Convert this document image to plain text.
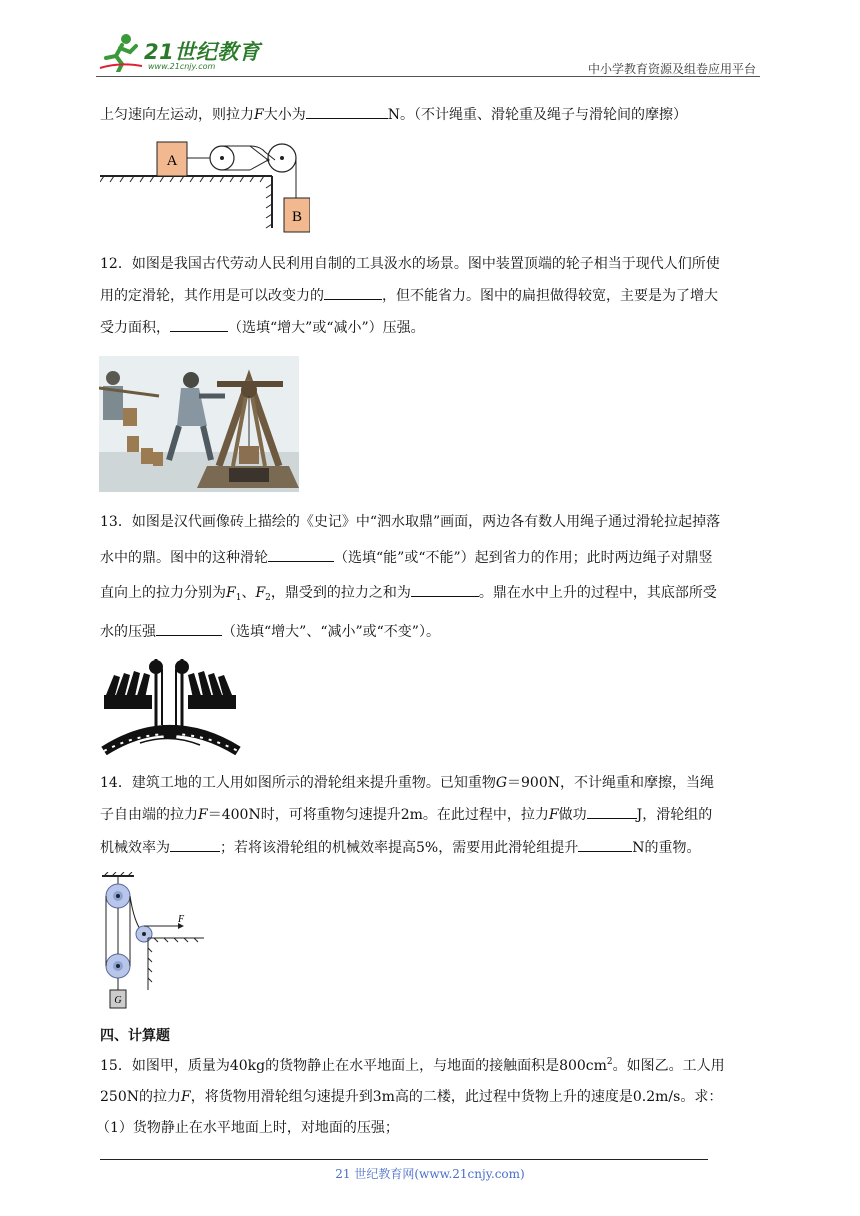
21世纪教育
www.21cnjy.com	中小学教育资源及组卷应用平台
上匀速向左运动，则拉力F大小为	N。（不计绳重、滑轮重及绳子与滑轮间的摩擦）
A
B
12．如图是我国古代劳动人民利用自制的工具汲水的场景。图中装置顶端的轮子相当于现代人们所使
用的定滑轮，其作用是可以改变力的	，但不能省力。图中的扁担做得较宽，主要是为了增大
受力面积，	（选填“增大”或“减小”）压强。
13．如图是汉代画像砖上描绘的《史记》中“泗水取鼎”画面，两边各有数人用绳子通过滑轮拉起掉落
水中的鼎。图中的这种滑轮	（选填“能”或“不能”）起到省力的作用；此时两边绳子对鼎竖
直向上的拉力分别为$F_1$、$F_2$，鼎受到的拉力之和为	。鼎在水中上升的过程中，其底部所受
水的压强	（选填“增大”、“减小”或“不变”）。
14．建筑工地的工人用如图所示的滑轮组来提升重物。已知重物G＝900N，不计绳重和摩擦，当绳
子自由端的拉力F＝400N时，可将重物匀速提升2m。在此过程中，拉力F做功	J，滑轮组的
机械效率为	；若将该滑轮组的机械效率提高5%，需要用此滑轮组提升	N的重物。
F
G
四、计算题
15．如图甲，质量为40kg的货物静止在水平地面上，与地面的接触面积是$800cm^2$。如图乙。工人用
250N的拉力F，将货物用滑轮组匀速提升到3m高的二楼，此过程中货物上升的速度是0.2m/s。求：
（1）货物静止在水平地面上时，对地面的压强；
21 世纪教育网(www.21cnjy.com)
